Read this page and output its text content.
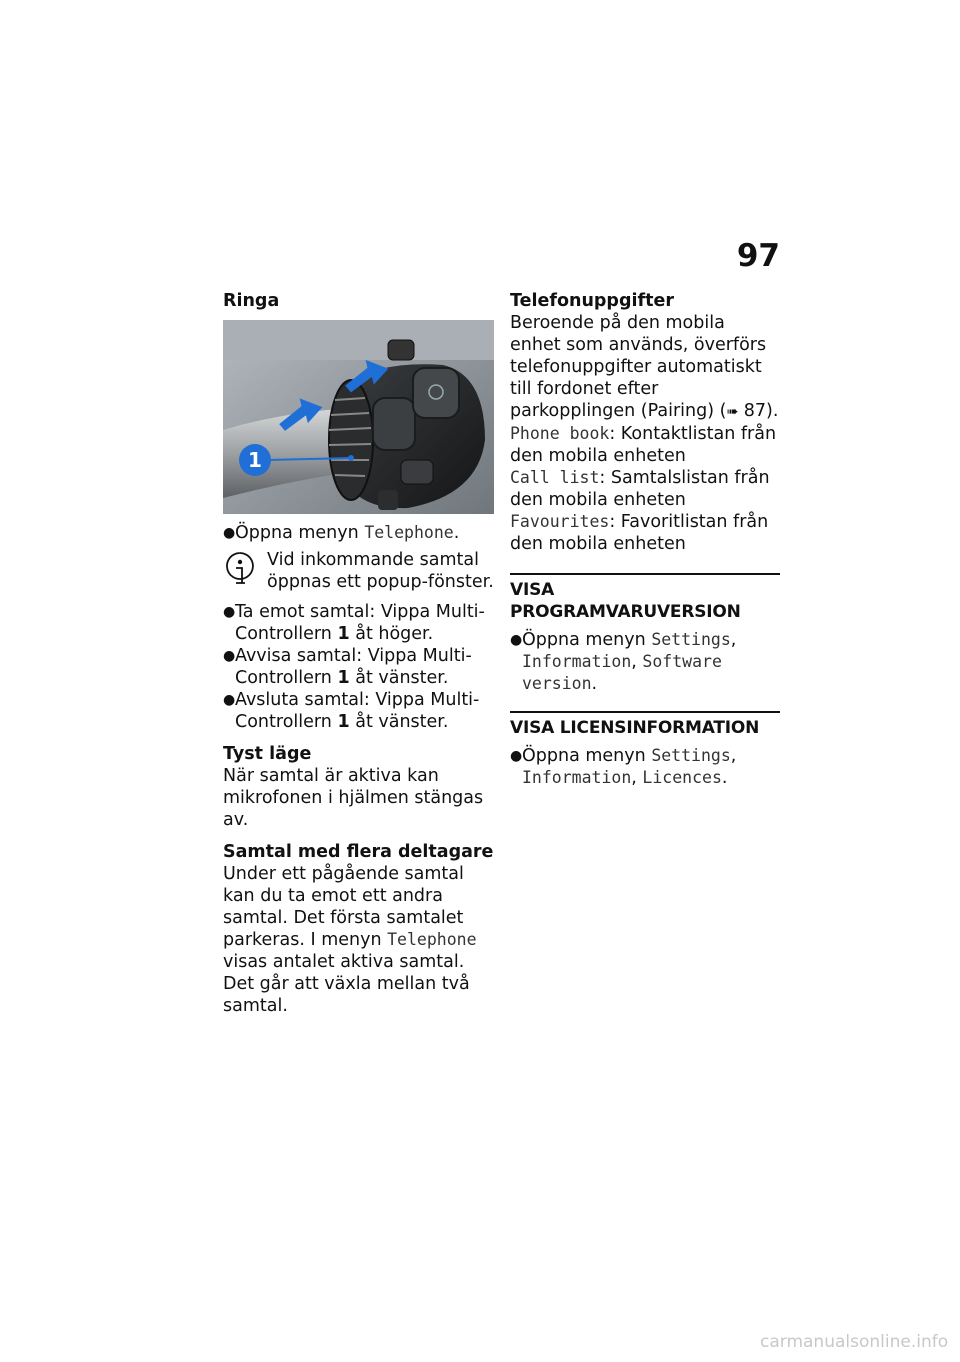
97

Ringa

1
● Öppna menyn Telephone.

Vid inkommande samtal öppnas ett popup-fönster.

● Ta emot samtal: Vippa Multi-Controllern 1 åt höger.
● Avvisa samtal: Vippa Multi-Controllern 1 åt vänster.
● Avsluta samtal: Vippa Multi-Controllern 1 åt vänster.

Tyst läge

När samtal är aktiva kan mikrofonen i hjälmen stängas av.

Samtal med flera deltagare

Under ett pågående samtal kan du ta emot ett andra samtal. Det första samtalet parkeras. I menyn Telephone visas antalet aktiva samtal. Det går att växla mellan två samtal.

Telefonuppgifter

Beroende på den mobila enhet som används, överförs telefonuppgifter automatiskt till fordonet efter parkopplingen (Pairing) (➠ 87).

Phone book: Kontaktlistan från den mobila enheten

Call list: Samtalslistan från den mobila enheten

Favourites: Favoritlistan från den mobila enheten

VISA PROGRAMVARUVERSION
● Öppna menyn Settings, Information, Software version.
VISA LICENSINFORMATION
● Öppna menyn Settings, Information, Licences.
carmanualsonline.info
